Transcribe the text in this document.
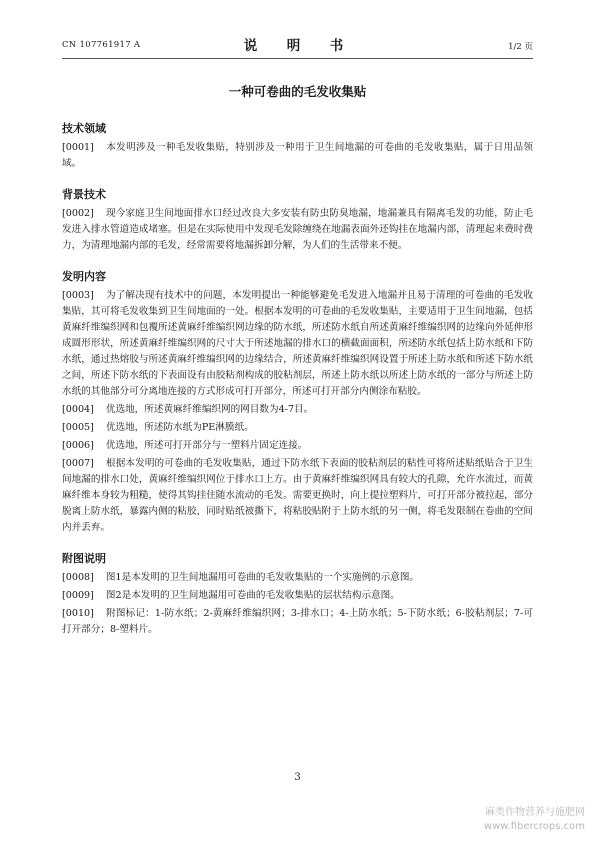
CN 107761917 A	说　明　书	1/2 页
一种可卷曲的毛发收集贴
技术领域

[0001] 本发明涉及一种毛发收集贴，特别涉及一种用于卫生间地漏的可卷曲的毛发收集贴，属于日用品领域。

背景技术

[0002] 现今家庭卫生间地面排水口经过改良大多安装有防虫防臭地漏，地漏兼具有隔离毛发的功能，防止毛发进入排水管道造成堵塞。但是在实际使用中发现毛发除缠绕在地漏表面外还钩挂在地漏内部，清理起来费时费力，为清理地漏内部的毛发，经常需要将地漏拆卸分解，为人们的生活带来不便。

发明内容

[0003] 为了解决现有技术中的问题，本发明提出一种能够避免毛发进入地漏并且易于清理的可卷曲的毛发收集贴，其可将毛发收集到卫生间地面的一处。根据本发明的可卷曲的毛发收集贴，主要适用于卫生间地漏，包括黄麻纤维编织网和包覆所述黄麻纤维编织网边缘的防水纸，所述防水纸自所述黄麻纤维编织网的边缘向外延伸形成圆形形状，所述黄麻纤维编织网的尺寸大于所述地漏的排水口的横截面面积，所述防水纸包括上防水纸和下防水纸，通过热熔胶与所述黄麻纤维编织网的边缘结合，所述黄麻纤维编织网设置于所述上防水纸和所述下防水纸之间，所述下防水纸的下表面设有由胶粘剂构成的胶粘剂层，所述上防水纸以所述上防水纸的一部分与所述上防水纸的其他部分可分离地连接的方式形成可打开部分，所述可打开部分内侧涂布粘胶。

[0004] 优选地，所述黄麻纤维编织网的网目数为4-7目。

[0005] 优选地，所述防水纸为PE淋膜纸。

[0006] 优选地，所述可打开部分与一塑料片固定连接。

[0007] 根据本发明的可卷曲的毛发收集贴，通过下防水纸下表面的胶粘剂层的粘性可将所述贴纸贴合于卫生间地漏的排水口处，黄麻纤维编织网位于排水口上方。由于黄麻纤维编织网具有较大的孔隙，允许水流过，而黄麻纤维本身较为粗糙，使得其钩挂住随水流动的毛发。需要更换时，向上提拉塑料片，可打开部分被拉起，部分脱离上防水纸，暴露内侧的粘胶，同时贴纸被撕下，将粘胶贴附于上防水纸的另一侧，将毛发限制在卷曲的空间内并丢弃。

附图说明

[0008] 图1是本发明的卫生间地漏用可卷曲的毛发收集贴的一个实施例的示意图。

[0009] 图2是本发明的卫生间地漏用可卷曲的毛发收集贴的层状结构示意图。

[0010] 附图标记：1-防水纸；2-黄麻纤维编织网；3-排水口；4-上防水纸；5-下防水纸；6-胶粘剂层；7-可打开部分；8-塑料片。

3
麻类作物营养与施肥网
www.fibercrops.com
